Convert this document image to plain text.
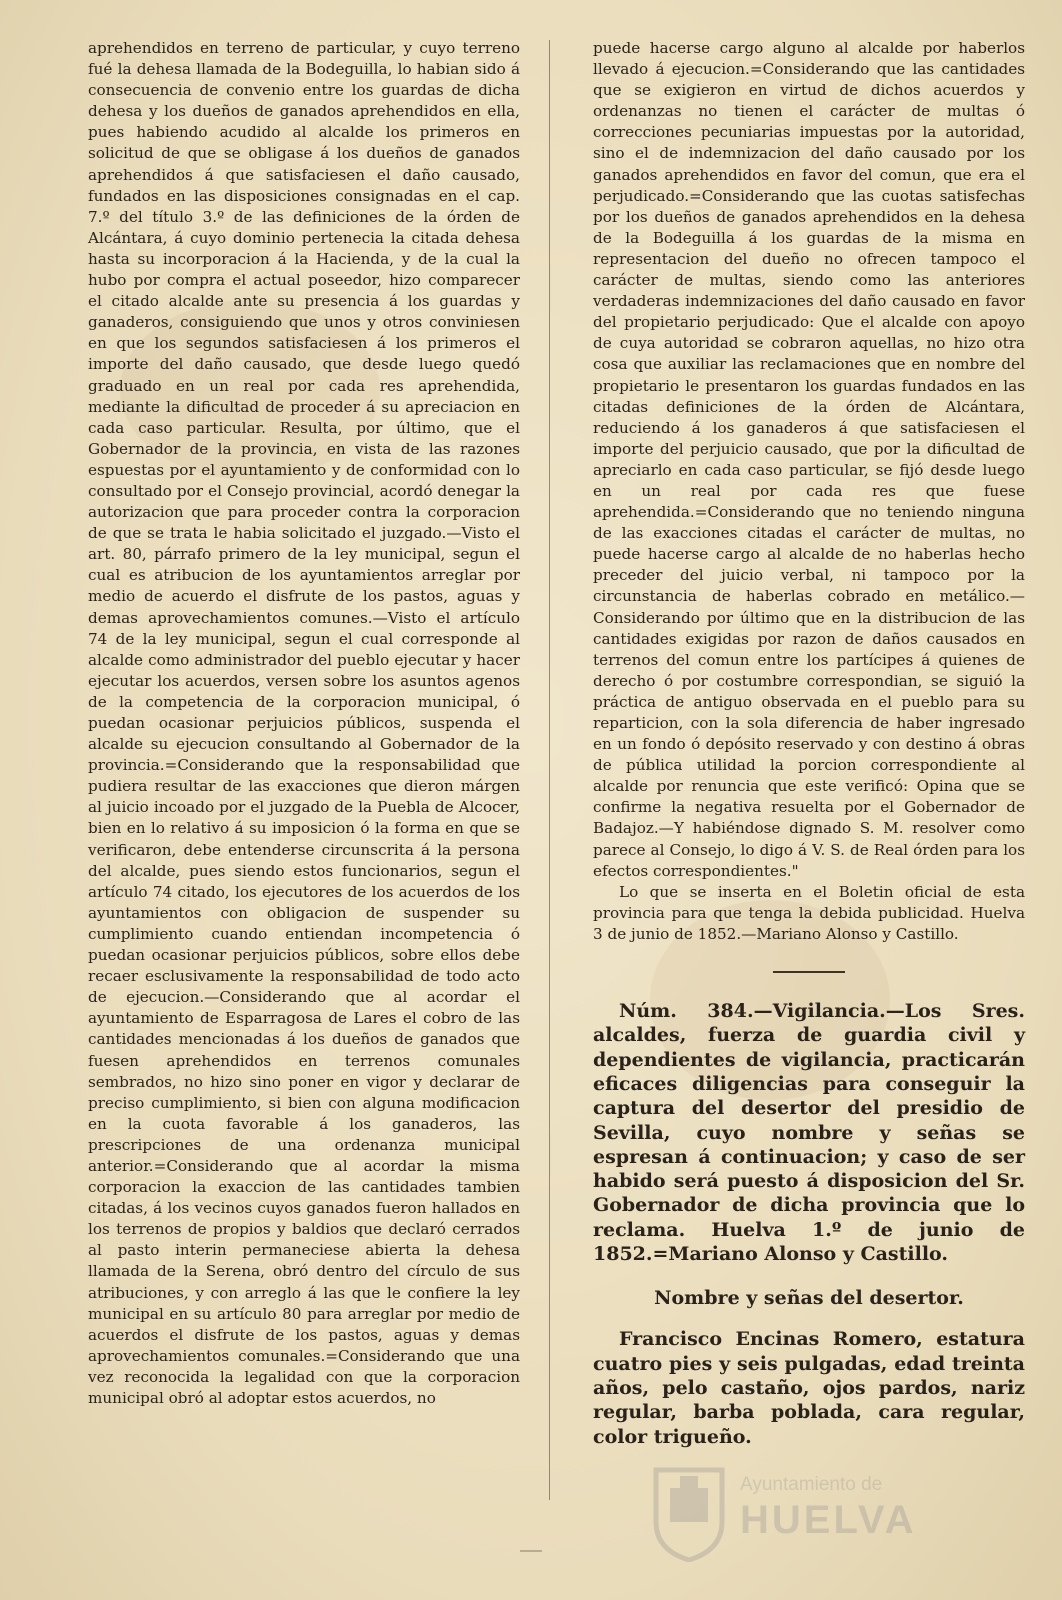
aprehendidos en terreno de particular, y cuyo terreno fué la dehesa llamada de la Bodeguilla, lo habian sido á consecuencia de convenio entre los guardas de dicha dehesa y los dueños de ganados aprehendidos en ella, pues habiendo acudido al alcalde los primeros en solicitud de que se obligase á los dueños de ganados aprehendidos á que satisfaciesen el daño causado, fundados en las disposiciones consignadas en el cap. 7.º del título 3.º de las definiciones de la órden de Alcántara, á cuyo dominio pertenecia la citada dehesa hasta su incorporacion á la Hacienda, y de la cual la hubo por compra el actual poseedor, hizo comparecer el citado alcalde ante su presencia á los guardas y ganaderos, consiguiendo que unos y otros conviniesen en que los segundos satisfaciesen á los primeros el importe del daño causado, que desde luego quedó graduado en un real por cada res aprehendida, mediante la dificultad de proceder á su apreciacion en cada caso particular. Resulta, por último, que el Gobernador de la provincia, en vista de las razones espuestas por el ayuntamiento y de conformidad con lo consultado por el Consejo provincial, acordó denegar la autorizacion que para proceder contra la corporacion de que se trata le habia solicitado el juzgado.—Visto el art. 80, párrafo primero de la ley municipal, segun el cual es atribucion de los ayuntamientos arreglar por medio de acuerdo el disfrute de los pastos, aguas y demas aprovechamientos comunes.—Visto el artículo 74 de la ley municipal, segun el cual corresponde al alcalde como administrador del pueblo ejecutar y hacer ejecutar los acuerdos, versen sobre los asuntos agenos de la competencia de la corporacion municipal, ó puedan ocasionar perjuicios públicos, suspenda el alcalde su ejecucion consultando al Gobernador de la provincia.=Considerando que la responsabilidad que pudiera resultar de las exacciones que dieron márgen al juicio incoado por el juzgado de la Puebla de Alcocer, bien en lo relativo á su imposicion ó la forma en que se verificaron, debe entenderse circunscrita á la persona del alcalde, pues siendo estos funcionarios, segun el artículo 74 citado, los ejecutores de los acuerdos de los ayuntamientos con obligacion de suspender su cumplimiento cuando entiendan incompetencia ó puedan ocasionar perjuicios públicos, sobre ellos debe recaer esclusivamente la responsabilidad de todo acto de ejecucion.—Considerando que al acordar el ayuntamiento de Esparragosa de Lares el cobro de las cantidades mencionadas á los dueños de ganados que fuesen aprehendidos en terrenos comunales sembrados, no hizo sino poner en vigor y declarar de preciso cumplimiento, si bien con alguna modificacion en la cuota favorable á los ganaderos, las prescripciones de una ordenanza municipal anterior.=Considerando que al acordar la misma corporacion la exaccion de las cantidades tambien citadas, á los vecinos cuyos ganados fueron hallados en los terrenos de propios y baldios que declaró cerrados al pasto interin permaneciese abierta la dehesa llamada de la Serena, obró dentro del círculo de sus atribuciones, y con arreglo á las que le confiere la ley municipal en su artículo 80 para arreglar por medio de acuerdos el disfrute de los pastos, aguas y demas aprovechamientos comunales.=Considerando que una vez reconocida la legalidad con que la corporacion municipal obró al adoptar estos acuerdos, no

puede hacerse cargo alguno al alcalde por haberlos llevado á ejecucion.=Considerando que las cantidades que se exigieron en virtud de dichos acuerdos y ordenanzas no tienen el carácter de multas ó correcciones pecuniarias impuestas por la autoridad, sino el de indemnizacion del daño causado por los ganados aprehendidos en favor del comun, que era el perjudicado.=Considerando que las cuotas satisfechas por los dueños de ganados aprehendidos en la dehesa de la Bodeguilla á los guardas de la misma en representacion del dueño no ofrecen tampoco el carácter de multas, siendo como las anteriores verdaderas indemnizaciones del daño causado en favor del propietario perjudicado: Que el alcalde con apoyo de cuya autoridad se cobraron aquellas, no hizo otra cosa que auxiliar las reclamaciones que en nombre del propietario le presentaron los guardas fundados en las citadas definiciones de la órden de Alcántara, reduciendo á los ganaderos á que satisfaciesen el importe del perjuicio causado, que por la dificultad de apreciarlo en cada caso particular, se fijó desde luego en un real por cada res que fuese aprehendida.=Considerando que no teniendo ninguna de las exacciones citadas el carácter de multas, no puede hacerse cargo al alcalde de no haberlas hecho preceder del juicio verbal, ni tampoco por la circunstancia de haberlas cobrado en metálico.—Considerando por último que en la distribucion de las cantidades exigidas por razon de daños causados en terrenos del comun entre los partícipes á quienes de derecho ó por costumbre correspondian, se siguió la práctica de antiguo observada en el pueblo para su reparticion, con la sola diferencia de haber ingresado en un fondo ó depósito reservado y con destino á obras de pública utilidad la porcion correspondiente al alcalde por renuncia que este verificó: Opina que se confirme la negativa resuelta por el Gobernador de Badajoz.—Y habiéndose dignado S. M. resolver como parece al Consejo, lo digo á V. S. de Real órden para los efectos correspondientes."

Lo que se inserta en el Boletin oficial de esta provincia para que tenga la debida publicidad. Huelva 3 de junio de 1852.—Mariano Alonso y Castillo.

Núm. 384.—Vigilancia.—Los Sres. alcaldes, fuerza de guardia civil y dependientes de vigilancia, practicarán eficaces diligencias para conseguir la captura del desertor del presidio de Sevilla, cuyo nombre y señas se espresan á continuacion; y caso de ser habido será puesto á disposicion del Sr. Gobernador de dicha provincia que lo reclama. Huelva 1.º de junio de 1852.=Mariano Alonso y Castillo.

Nombre y señas del desertor.

Francisco Encinas Romero, estatura cuatro pies y seis pulgadas, edad treinta años, pelo castaño, ojos pardos, nariz regular, barba poblada, cara regular, color trigueño.

Ayuntamiento de
HUELVA
